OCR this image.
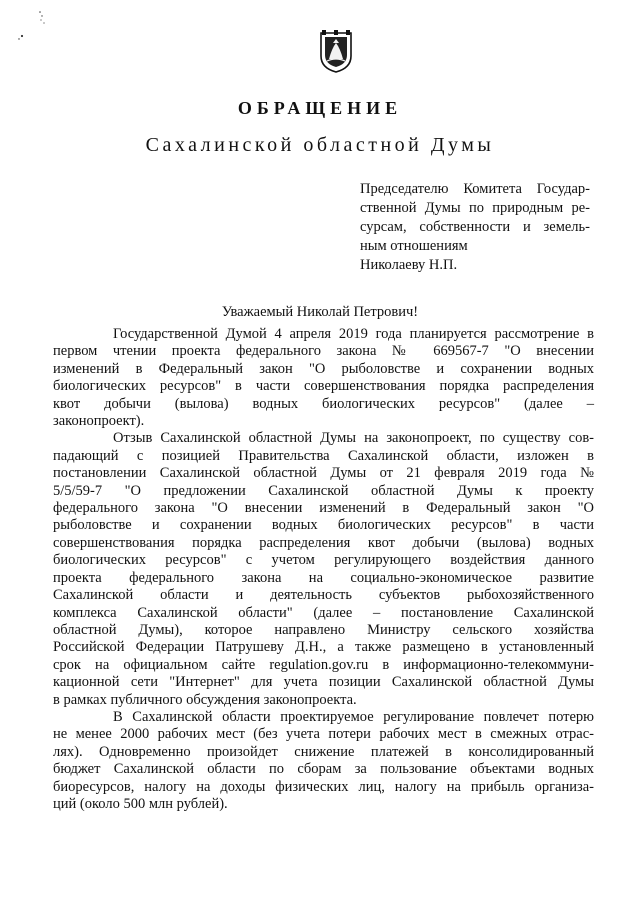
ОБРАЩЕНИЕ
Сахалинской областной Думы
Председателю Комитета Государ-
ственной Думы по природным ре-
сурсам, собственности и земель-
ным отношениям
Николаеву Н.П.
Уважаемый Николай Петрович!
Государственной Думой 4 апреля 2019 года планируется рассмотрение в
первом чтении проекта федерального закона № 669567-7 "О внесении
изменений в Федеральный закон "О рыболовстве и сохранении водных
биологических ресурсов" в части совершенствования порядка распределения
квот добычи (вылова) водных биологических ресурсов" (далее –
законопроект).
Отзыв Сахалинской областной Думы на законопроект, по существу сов-
падающий с позицией Правительства Сахалинской области, изложен в
постановлении Сахалинской областной Думы от 21 февраля 2019 года №
5/5/59-7 "О предложении Сахалинской областной Думы к проекту
федерального закона "О внесении изменений в Федеральный закон "О
рыболовстве и сохранении водных биологических ресурсов" в части
совершенствования порядка распределения квот добычи (вылова) водных
биологических ресурсов" с учетом регулирующего воздействия данного
проекта федерального закона на социально-экономическое развитие
Сахалинской области и деятельность субъектов рыбохозяйственного
комплекса Сахалинской области" (далее – постановление Сахалинской
областной Думы), которое направлено Министру сельского хозяйства
Российской Федерации Патрушеву Д.Н., а также размещено в установленный
срок на официальном сайте regulation.gov.ru в информационно-телекоммуни-
кационной сети "Интернет" для учета позиции Сахалинской областной Думы
в рамках публичного обсуждения законопроекта.
В Сахалинской области проектируемое регулирование повлечет потерю
не менее 2000 рабочих мест (без учета потери рабочих мест в смежных отрас-
лях). Одновременно произойдет снижение платежей в консолидированный
бюджет Сахалинской области по сборам за пользование объектами водных
биоресурсов, налогу на доходы физических лиц, налогу на прибыль организа-
ций (около 500 млн рублей).
